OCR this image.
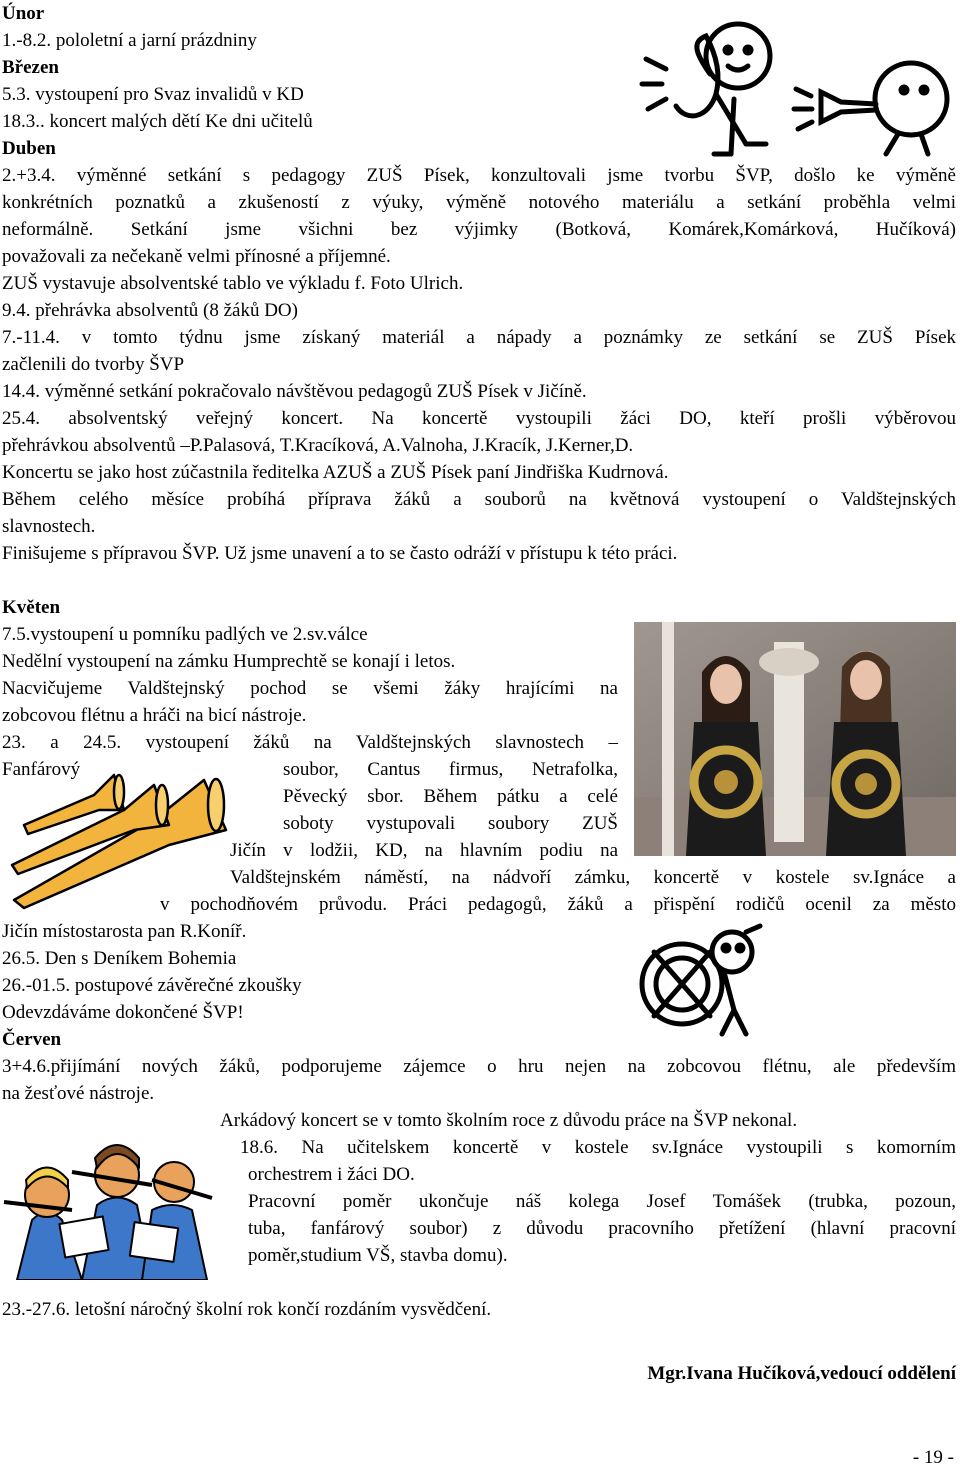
Únor
1.-8.2. pololetní a jarní prázdniny
Březen
5.3. vystoupení pro Svaz invalidů v KD
18.3.. koncert malých dětí Ke dni učitelů
Duben
2.+3.4. výměnné setkání s pedagogy ZUŠ Písek, konzultovali jsme tvorbu ŠVP, došlo ke výměně
konkrétních poznatků a zkušeností z výuky, výměně notového materiálu a setkání proběhla velmi
neformálně. Setkání jsme všichni bez výjimky (Botková, Komárek,Komárková, Hučíková)
považovali za nečekaně velmi přínosné a příjemné.
ZUŠ vystavuje absolventské tablo ve výkladu f. Foto Ulrich.
9.4. přehrávka absolventů (8 žáků DO)
7.-11.4. v tomto týdnu jsme získaný materiál a nápady a poznámky ze setkání se ZUŠ Písek
začlenili do tvorby ŠVP
14.4. výměnné setkání pokračovalo návštěvou pedagogů ZUŠ Písek v Jičíně.
25.4. absolventský veřejný koncert. Na koncertě vystoupili žáci DO, kteří prošli výběrovou
přehrávkou absolventů –P.Palasová, T.Kracíková, A.Valnoha, J.Kracík, J.Kerner,D.
Koncertu se jako host zúčastnila ředitelka AZUŠ a ZUŠ Písek paní Jindřiška Kudrnová.
Během celého měsíce probíhá příprava žáků a souborů na květnová vystoupení o Valdštejnských
slavnostech.
Finišujeme s přípravou ŠVP. Už jsme unavení a to se často odráží v přístupu k této práci.
Květen
7.5.vystoupení u pomníku padlých ve 2.sv.válce
Nedělní vystoupení na zámku Humprechtě se konají i letos.
Nacvičujeme Valdštejnský pochod se všemi žáky hrajícími na
zobcovou flétnu a hráči na bicí nástroje.
23. a 24.5. vystoupení žáků na Valdštejnských slavnostech –
Fanfárový	soubor, Cantus firmus, Netrafolka,
Pěvecký sbor. Během pátku a celé
soboty vystupovali soubory ZUŠ
Jičín v lodžii, KD, na hlavním podiu na
Valdštejnském náměstí, na nádvoří zámku, koncertě v kostele sv.Ignáce a
v pochodňovém průvodu. Práci pedagogů, žáků a přispění rodičů ocenil za město
Jičín místostarosta pan R.Koníř.
26.5. Den s Deníkem Bohemia
26.-01.5. postupové závěrečné zkoušky
Odevzdáváme dokončené ŠVP!
Červen
3+4.6.přijímání nových žáků, podporujeme zájemce o hru nejen na zobcovou flétnu, ale především
na žesťové nástroje.
Arkádový koncert se v tomto školním roce z důvodu práce na ŠVP nekonal.
18.6. Na učitelskem koncertě v kostele sv.Ignáce vystoupili s komorním
orchestrem i žáci DO.
Pracovní poměr ukončuje náš kolega Josef Tomášek (trubka, pozoun,
tuba, fanfárový soubor) z důvodu pracovního přetížení (hlavní pracovní
poměr,studium VŠ, stavba domu).
23.-27.6. letošní náročný školní rok končí rozdáním vysvědčení.
Mgr.Ivana Hučíková,vedoucí oddělení
- 19 -
